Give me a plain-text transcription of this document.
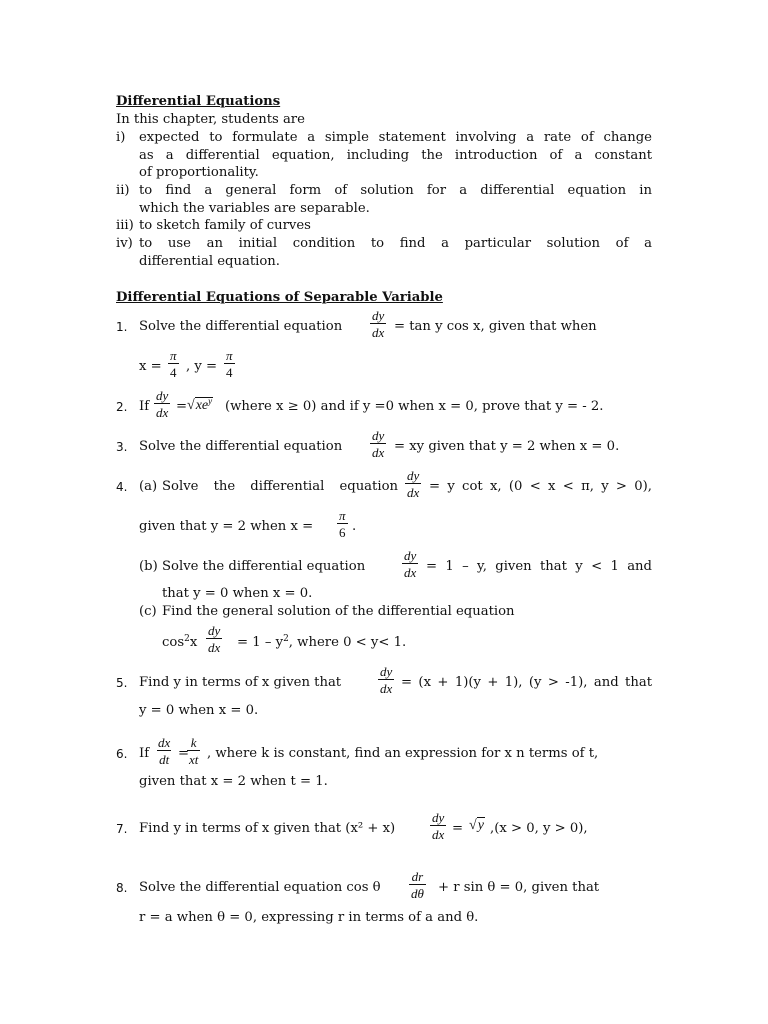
Differential Equations
In this chapter, students are
i) expected to formulate a simple statement involving a rate of change
as a differential equation, including the introduction of a constant
of proportionality.
ii) to find a general form of solution for a differential equation in
which the variables are separable.
iii) to sketch family of curves
iv) to use an initial condition to find a particular solution of a
differential equation.
Differential Equations of Separable Variable
1. Solve the differential equation $\frac{dy}{dx} = \tan y$ cos x, given that when
$x = \frac{\pi}{4}$ , $y = \frac{\pi}{4}$
2. If $\frac{dy}{dx} = √xe^y$ (where x ≥ 0) and if y =0 when x = 0, prove that y = - 2.
3. Solve the differential equation $\frac{dy}{dx}$ = xy given that y = 2 when x = 0.
4. (a) Solve the differential equation $\frac{dy}{dx} = y$ cot x, (0 < x < π, y > 0),
given that y = 2 when $x = \frac{\pi}{6}$ .
(b) Solve the differential equation	$\frac{dy}{dx} = 1 - y$, given that y < 1 and
that y = 0 when x = 0.
(c) Find the general solution of the differential equation
$\cos^2x \frac{dy}{dx} = 1 - y^2$, where 0 < y< 1.
5. Find y in terms of x given that	$\frac{dy}{dx} = (x + 1)(y + 1)$, (y > -1), and that
y = 0 when x = 0.
6. If $\frac{dx}{dt}$ =
$\frac{k}{xt}$ , where k is constant, find an expression for x n terms of t,
given that x = 2 when t = 1.
7. Find y in terms of x given that (x² + x)	$\frac{dy}{dx} = √y$ ,(x > 0, y > 0),
8. Solve the differential equation cos θ $\frac{dr}{d\theta} + r$ sin θ = 0, given that
r = a when θ = 0, expressing r in terms of a and θ.
